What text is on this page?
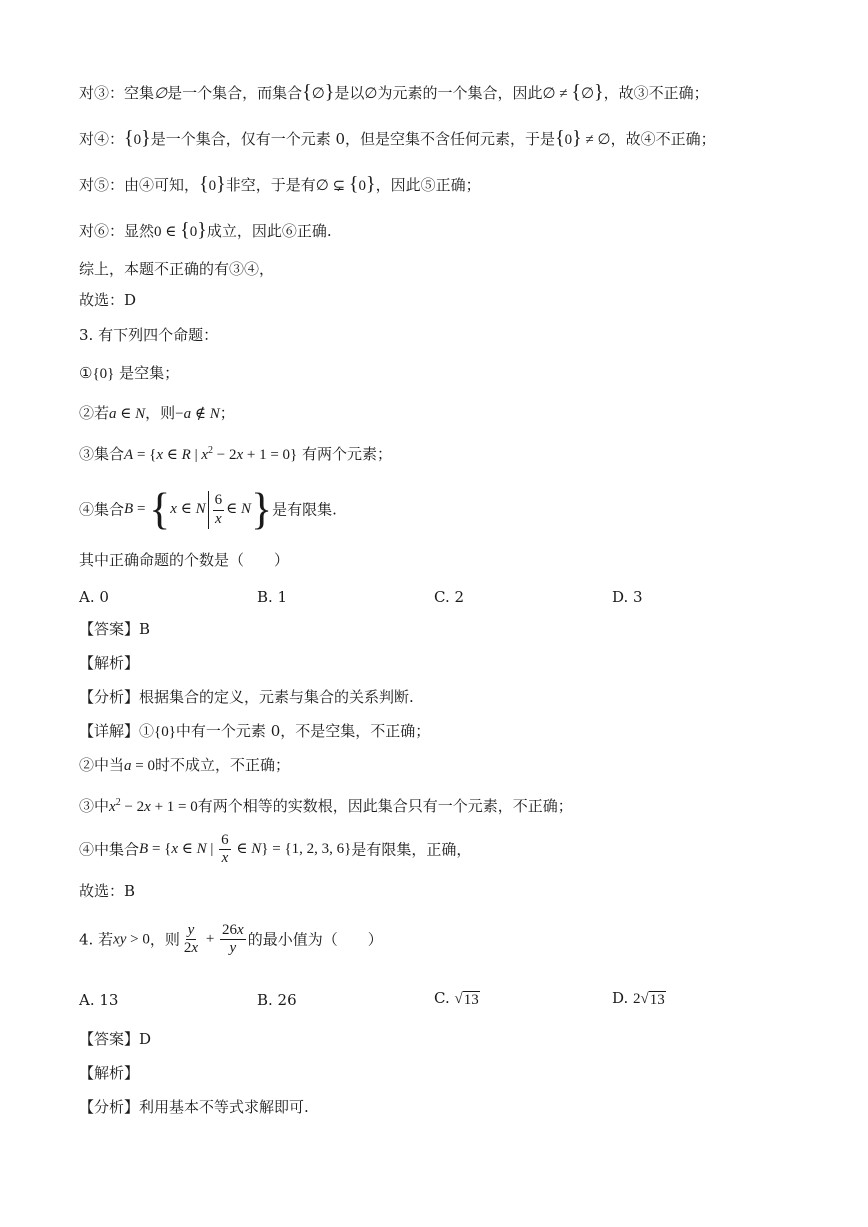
对③：空集∅是一个集合，而集合{∅}是以∅为元素的一个集合，因此∅ ≠ {∅}，故③不正确；
对④：{0}是一个集合，仅有一个元素 0，但是空集不含任何元素，于是{0} ≠ ∅，故④不正确；
对⑤：由④可知，{0}非空，于是有∅ ⊊ {0}，因此⑤正确；
对⑥：显然0 ∈ {0}成立，因此⑥正确.
综上，本题不正确的有③④，
故选：D
3. 有下列四个命题：
①{0} 是空集；
②若a ∈ N，则−a ∉ N；
③集合A = {x ∈ R | $x^2 - 2x + 1 = 0$} 有两个元素；
④集合B = {x ∈ N $\frac{6}{x}$ ∈ N}是有限集.
其中正确命题的个数是（　　）
A. 0	B. 1	C. 2	D. 3
【答案】B
【解析】
【分析】根据集合的定义，元素与集合的关系判断.
【详解】①{0}中有一个元素 0，不是空集，不正确；
②中当a = 0时不成立，不正确；
③中$x^2 - 2x + 1 = 0$有两个相等的实数根，因此集合只有一个元素，不正确；
④中集合B = {x ∈ N | $\frac{6}{x}$ ∈ N} = {1, 2, 3, 6}是有限集，正确，
故选：B
4. 若xy > 0，则 $\frac{y}{2x} + \frac{26x}{y}$ 的最小值为（　　）
A. 13	B. 26	C. √ 13	D. 2√ 13
【答案】D
【解析】
【分析】利用基本不等式求解即可.
